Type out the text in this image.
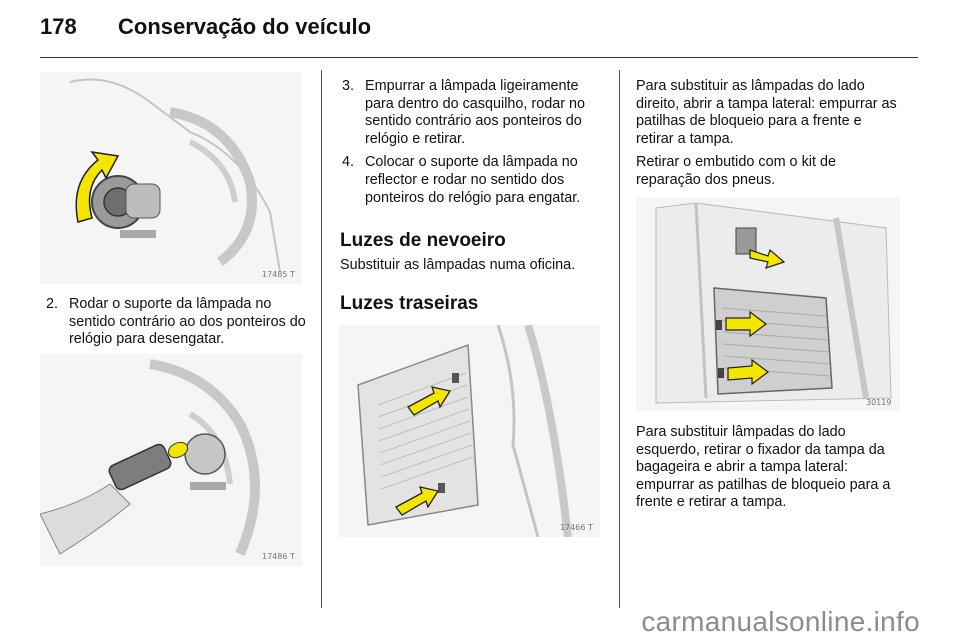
178 Conservação do veículo
17485 T
2. Rodar o suporte da lâmpada no sentido contrário ao dos ponteiros do relógio para desengatar.
17486 T
3. Empurrar a lâmpada ligeiramente para dentro do casquilho, rodar no sentido contrário aos ponteiros do relógio e retirar.
4. Colocar o suporte da lâmpada no reflector e rodar no sentido dos ponteiros do relógio para engatar.
Luzes de nevoeiro
Substituir as lâmpadas numa oficina.
Luzes traseiras
17466 T
Para substituir as lâmpadas do lado direito, abrir a tampa lateral: empurrar as patilhas de bloqueio para a frente e retirar a tampa.
Retirar o embutido com o kit de reparação dos pneus.
30119
Para substituir lâmpadas do lado esquerdo, retirar o fixador da tampa da bagageira e abrir a tampa lateral: empurrar as patilhas de bloqueio para a frente e retirar a tampa.
carmanualsonline.info
